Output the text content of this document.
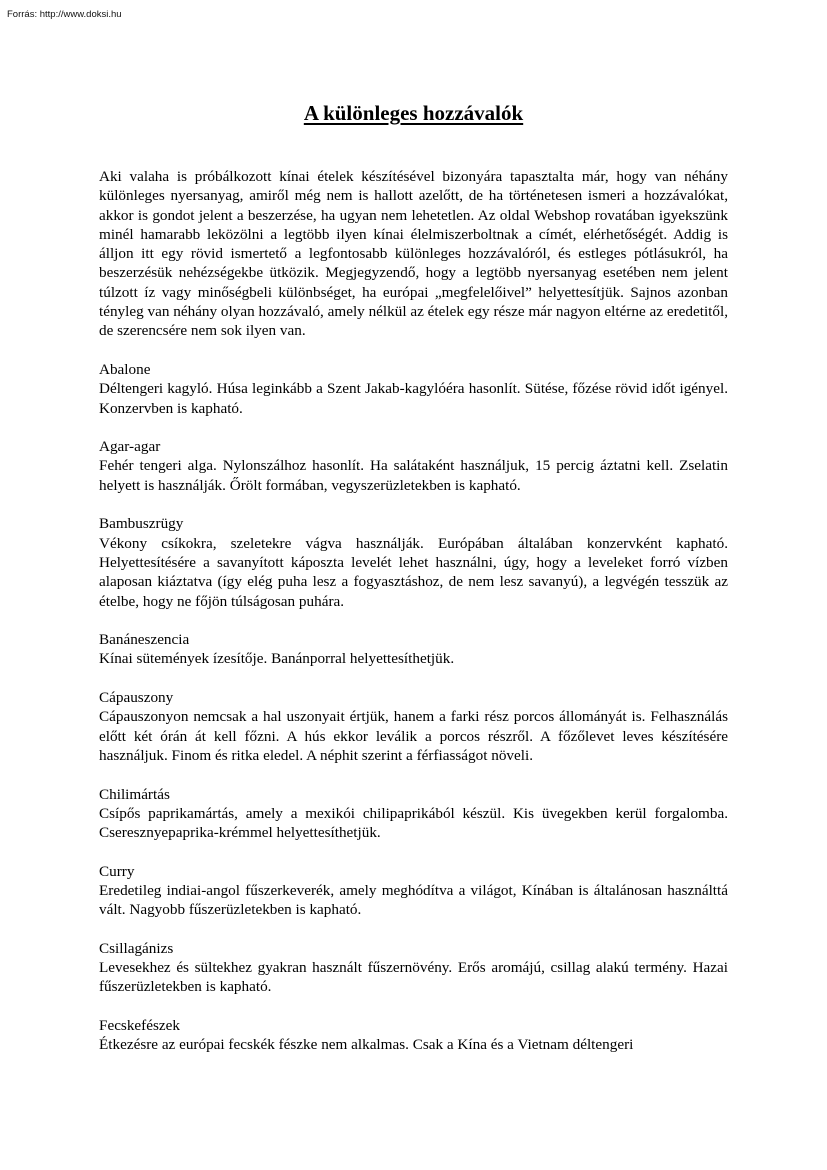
Forrás: http://www.doksi.hu
A különleges hozzávalók

Aki valaha is próbálkozott kínai ételek készítésével bizonyára tapasztalta már, hogy van néhány különleges nyersanyag, amiről még nem is hallott azelőtt, de ha történetesen ismeri a hozzávalókat, akkor is gondot jelent a beszerzése, ha ugyan nem lehetetlen. Az oldal Webshop rovatában igyekszünk minél hamarabb leközölni a legtöbb ilyen kínai élelmiszerboltnak a címét, elérhetőségét. Addig is álljon itt egy rövid ismertető a legfontosabb különleges hozzávalóról, és estleges pótlásukról, ha beszerzésük nehézségekbe ütközik. Megjegyzendő, hogy a legtöbb nyersanyag esetében nem jelent túlzott íz vagy minőségbeli különbséget, ha európai „megfelelőivel” helyettesítjük. Sajnos azonban tényleg van néhány olyan hozzávaló, amely nélkül az ételek egy része már nagyon eltérne az eredetitől, de szerencsére nem sok ilyen van.

Abalone
Déltengeri kagyló. Húsa leginkább a Szent Jakab-kagylóéra hasonlít. Sütése, főzése rövid időt igényel. Konzervben is kapható.
Agar-agar
Fehér tengeri alga. Nylonszálhoz hasonlít. Ha salátaként használjuk, 15 percig áztatni kell. Zselatin helyett is használják. Őrölt formában, vegyszerüzletekben is kapható.
Bambuszrügy
Vékony csíkokra, szeletekre vágva használják. Európában általában konzervként kapható. Helyettesítésére a savanyított káposzta levelét lehet használni, úgy, hogy a leveleket forró vízben alaposan kiáztatva (így elég puha lesz a fogyasztáshoz, de nem lesz savanyú), a legvégén tesszük az ételbe, hogy ne főjön túlságosan puhára.
Banáneszencia
Kínai sütemények ízesítője. Banánporral helyettesíthetjük.
Cápauszony
Cápauszonyon nemcsak a hal uszonyait értjük, hanem a farki rész porcos állományát is. Felhasználás előtt két órán át kell főzni. A hús ekkor leválik a porcos részről. A főzőlevet leves készítésére használjuk. Finom és ritka eledel. A néphit szerint a férfiasságot növeli.
Chilimártás
Csípős paprikamártás, amely a mexikói chilipaprikából készül. Kis üvegekben kerül forgalomba. Cseresznyepaprika-krémmel helyettesíthetjük.
Curry
Eredetileg indiai-angol fűszerkeverék, amely meghódítva a világot, Kínában is általánosan használttá vált. Nagyobb fűszerüzletekben is kapható.
Csillagánizs
Levesekhez és sültekhez gyakran használt fűszernövény. Erős aromájú, csillag alakú termény. Hazai fűszerüzletekben is kapható.
Fecskefészek
Étkezésre az európai fecskék fészke nem alkalmas. Csak a Kína és a Vietnam déltengeri
